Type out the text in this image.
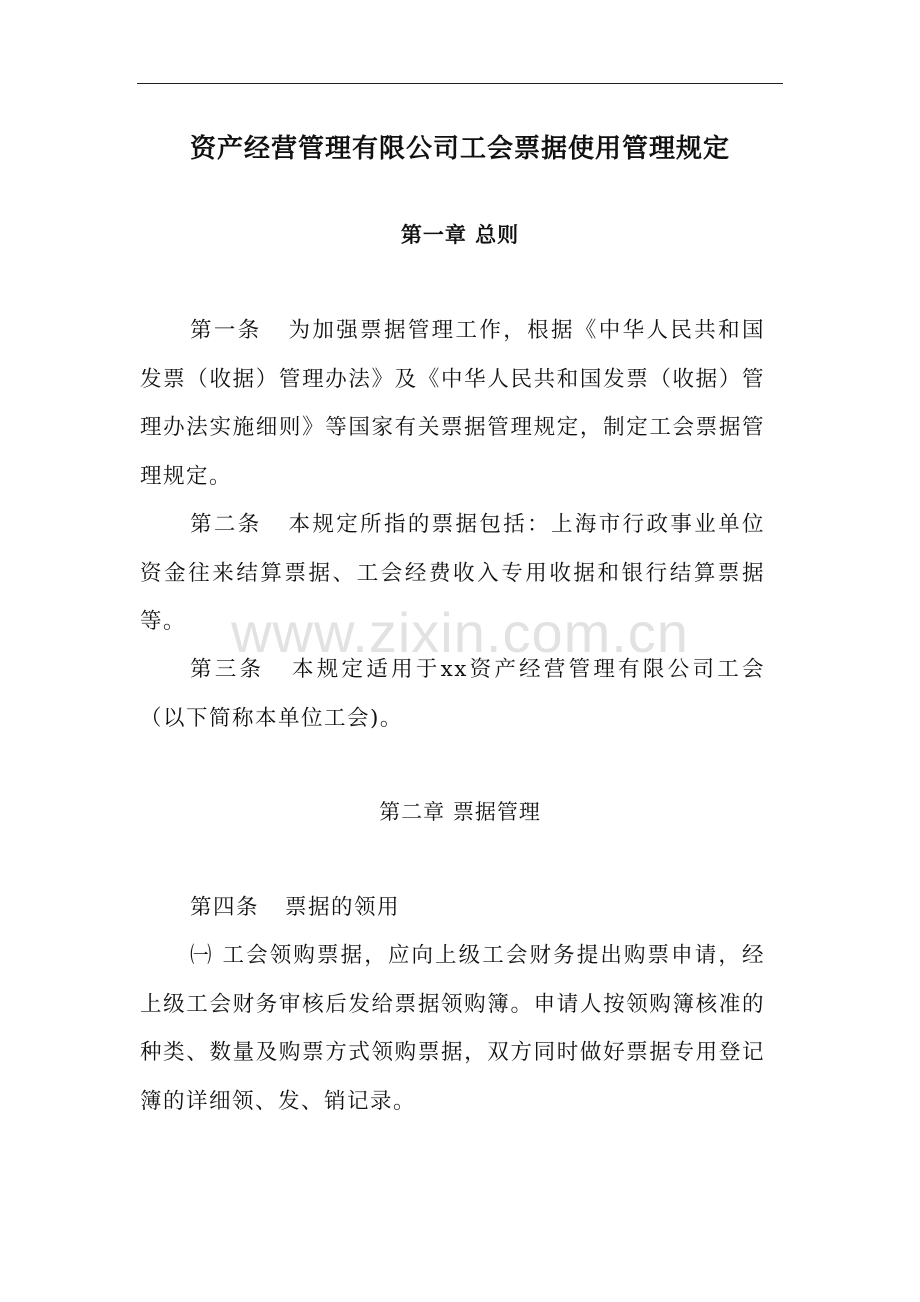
资产经营管理有限公司工会票据使用管理规定
第一章 总则

第一条 为加强票据管理工作，根据《中华人民共和国发票（收据）管理办法》及《中华人民共和国发票（收据）管理办法实施细则》等国家有关票据管理规定，制定工会票据管理规定。

第二条 本规定所指的票据包括：上海市行政事业单位资金往来结算票据、工会经费收入专用收据和银行结算票据等。

第三条 本规定适用于xx资产经营管理有限公司工会（以下简称本单位工会)。

第二章 票据管理

第四条 票据的领用

㈠ 工会领购票据，应向上级工会财务提出购票申请，经上级工会财务审核后发给票据领购簿。申请人按领购簿核准的种类、数量及购票方式领购票据，双方同时做好票据专用登记簿的详细领、发、销记录。

www.zixin.com.cn
